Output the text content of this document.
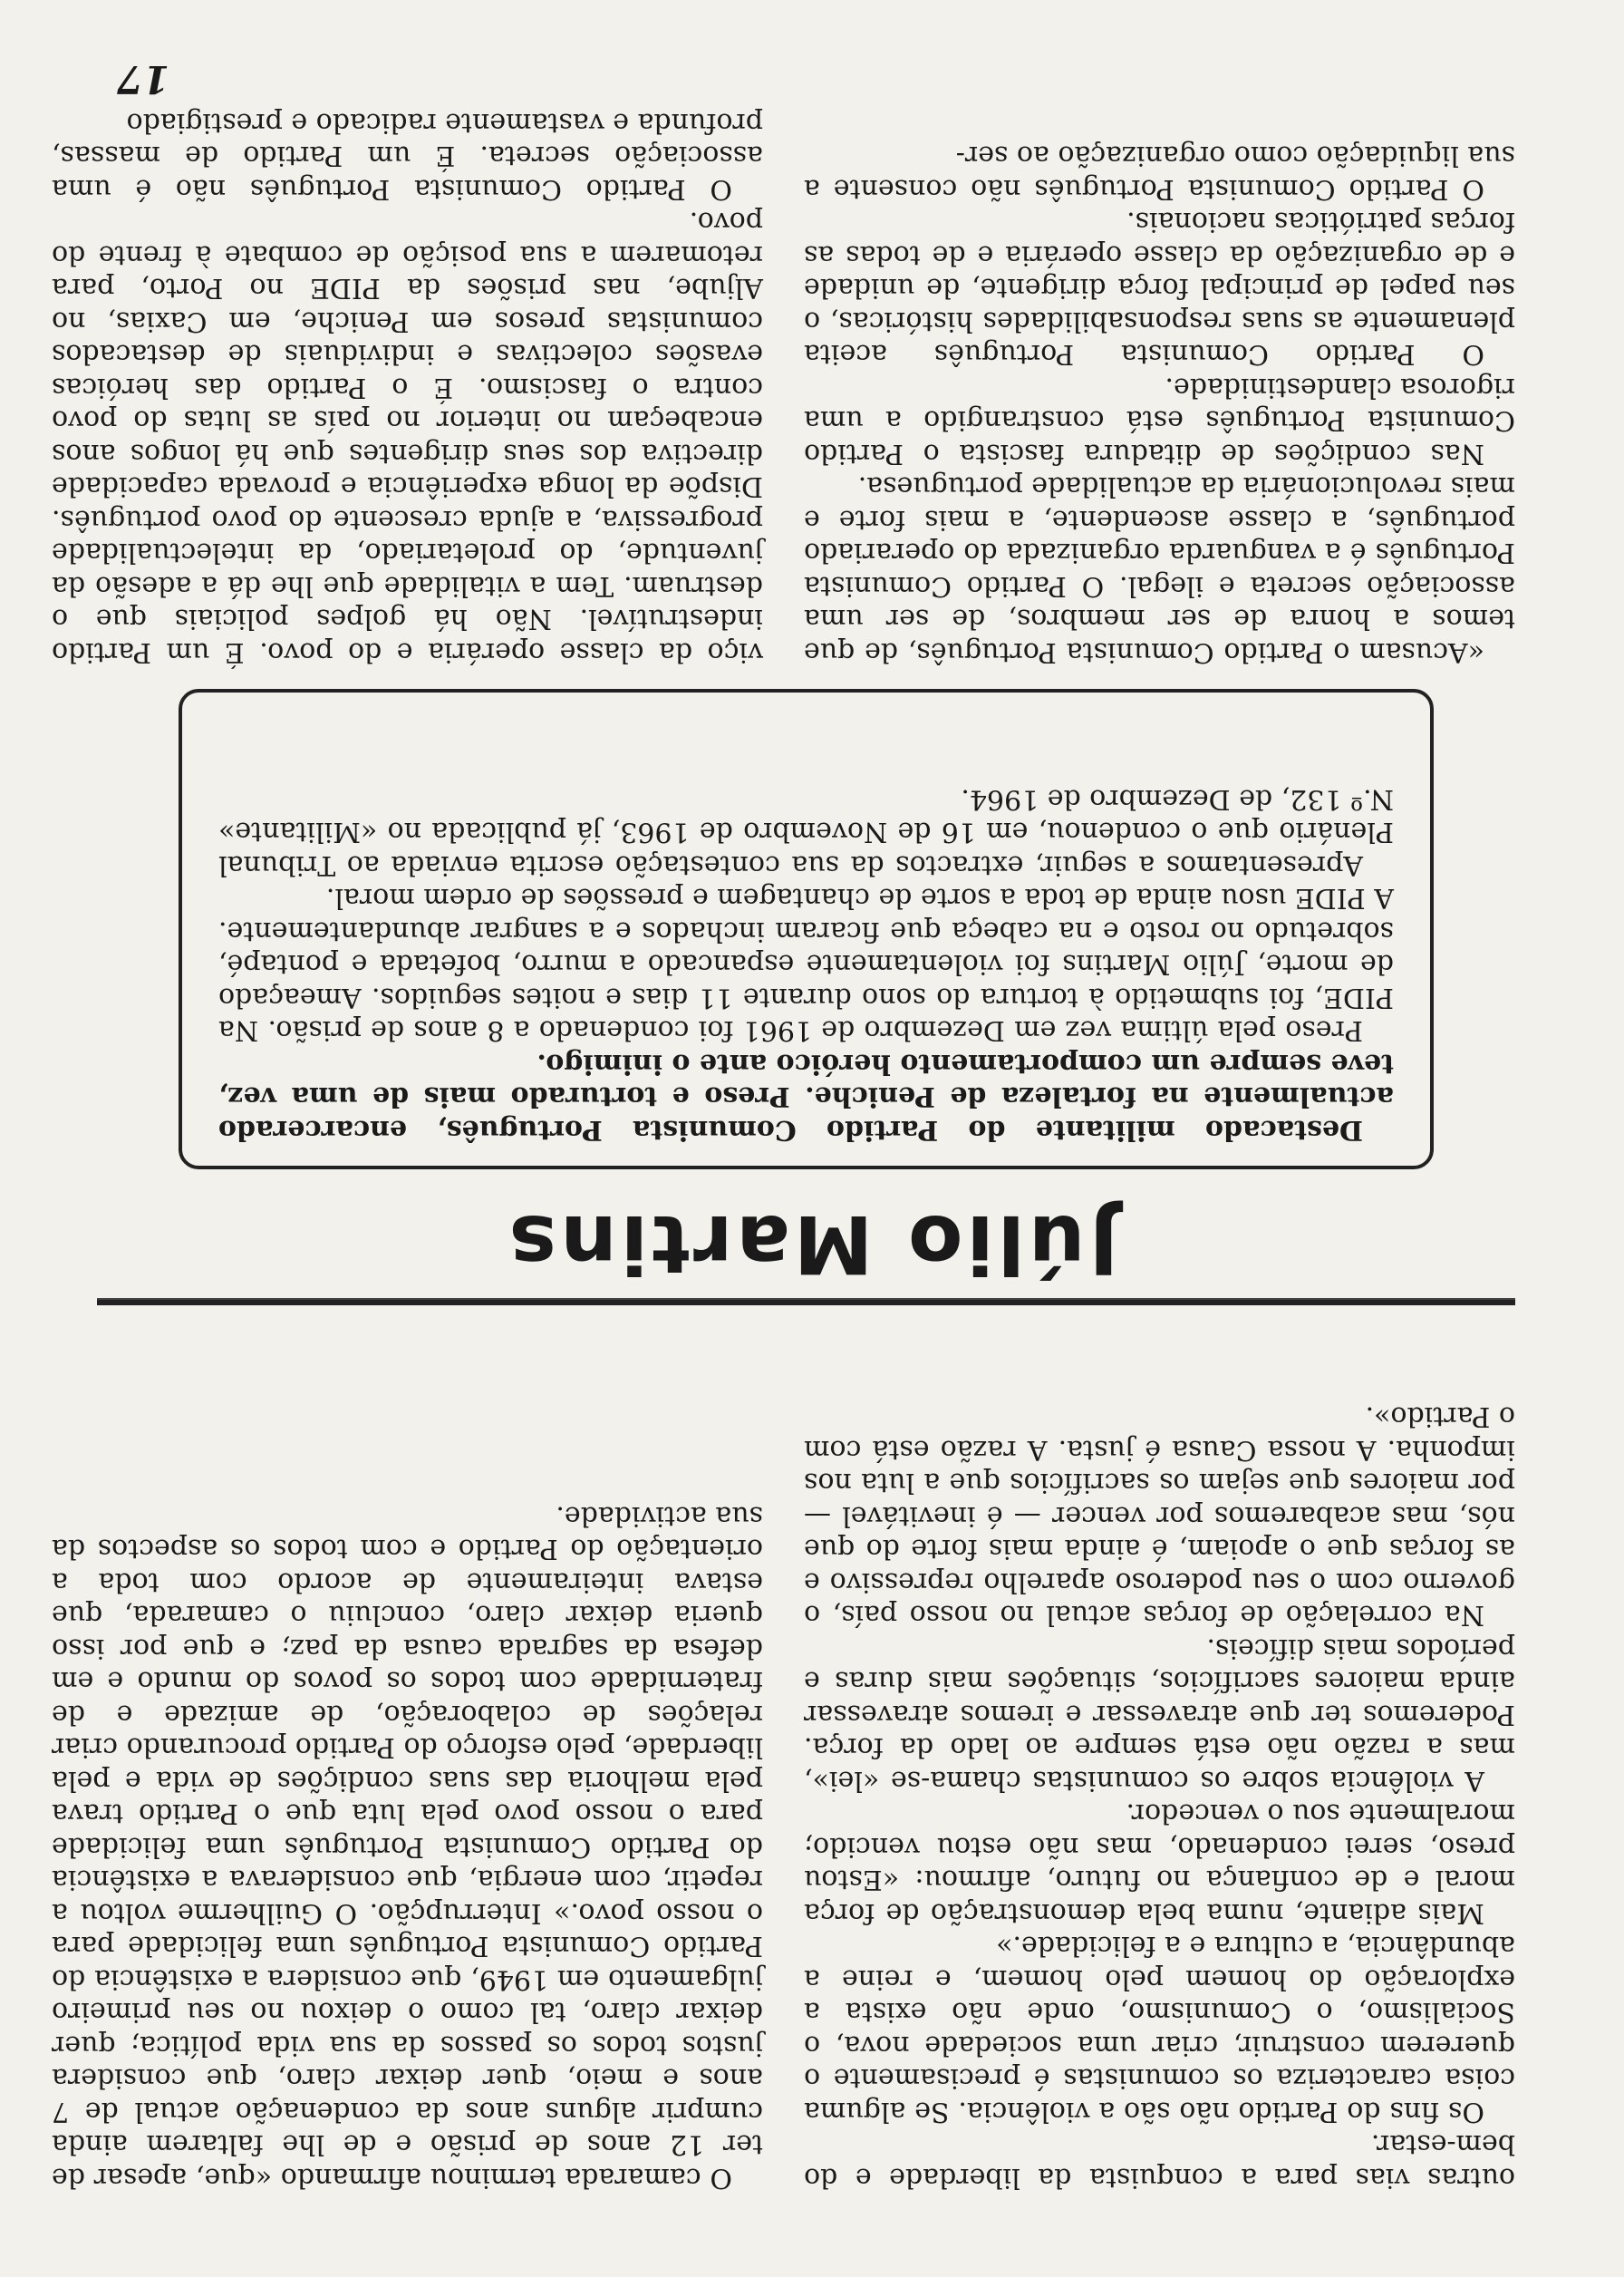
outras vias para a conquista da liberdade e do bem-estar.

Os fins do Partido não são a violência. Se alguma coisa caracteriza os comunistas é precisamente o quererem construir, criar uma sociedade nova, o Socialismo, o Comunismo, onde não exista a exploração do homem pelo homem, e reine a abundância, a cultura e a felicidade.»

Mais adiante, numa bela demonstração de força moral e de confiança no futuro, afirmou: «Estou preso, serei condenado, mas não estou vencido; moralmente sou o vencedor.

A violência sobre os comunistas chama-se «lei», mas a razão não está sempre ao lado da força. Poderemos ter que atravessar e iremos atravessar ainda maiores sacrifícios, situações mais duras e períodos mais difíceis.

Na correlação de forças actual no nosso país, o governo com o seu poderoso aparelho repressivo e as forças que o apoiam, é ainda mais forte do que nós, mas acabaremos por vencer — é inevitável — por maiores que sejam os sacrifícios que a luta nos imponha. A nossa Causa é justa. A razão está com o Partido».

O camarada terminou afirmando «que, apesar de ter 12 anos de prisão e de lhe faltarem ainda cumprir alguns anos da condenação actual de 7 anos e meio, quer deixar claro, que considera justos todos os passos da sua vida política; quer deixar claro, tal como o deixou no seu primeiro julgamento em 1949, que considera a existência do Partido Comunista Português uma felicidade para o nosso povo.» Interrupção. O Guilherme voltou a repetir, com energia, que considerava a existência do Partido Comunista Português uma felicidade para o nosso povo pela luta que o Partido trava pela melhoria das suas condições de vida e pela liberdade, pelo esforço do Partido procurando criar relações de colaboração, de amizade e de fraternidade com todos os povos do mundo e em defesa da sagrada causa da paz; e que por isso queria deixar claro, concluiu o camarada, que estava inteiramente de acordo com toda a orientação do Partido e com todos os aspectos da sua actividade.

Júlio Martins

Destacado militante do Partido Comunista Português, encarcerado actualmente na fortaleza de Peniche. Preso e torturado mais de uma vez, teve sempre um comportamento heróico ante o inimigo.

Preso pela última vez em Dezembro de 1961 foi condenado a 8 anos de prisão. Na PIDE, foi submetido à tortura do sono durante 11 dias e noites seguidos. Ameaçado de morte, Júlio Martins foi violentamente espancado a murro, bofetada e pontapé, sobretudo no rosto e na cabeça que ficaram inchados e a sangrar abundantemente. A PIDE usou ainda de toda a sorte de chantagem e pressões de ordem moral.

Apresentamos a seguir, extractos da sua contestação escrita enviada ao Tribunal Plenário que o condenou, em 16 de Novembro de 1963, já publicada no «Militante» N.º 132, de Dezembro de 1964.

«Acusam o Partido Comunista Português, de que temos a honra de ser membros, de ser uma associação secreta e ilegal. O Partido Comunista Português é a vanguarda organizada do operariado português, a classe ascendente, a mais forte e mais revolucionária da actualidade portuguesa.

Nas condições de ditadura fascista o Partido Comunista Português está constrangido a uma rigorosa clandestinidade.

O Partido Comunista Português aceita plenamente as suas responsabilidades históricas, o seu papel de principal força dirigente, de unidade e de organização da classe operária e de todas as forças patrióticas nacionais.

O Partido Comunista Português não consente a sua liquidação como organização ao ser-

viço da classe operária e do povo. É um Partido indestrutível. Não há golpes policiais que o destruam. Tem a vitalidade que lhe dá a adesão da juventude, do proletariado, da intelectualidade progressiva, a ajuda crescente do povo português. Dispõe da longa experiência e provada capacidade directiva dos seus dirigentes que há longos anos encabeçam no interior no país as lutas do povo contra o fascismo. É o Partido das heróicas evasões colectivas e individuais de destacados comunistas presos em Peniche, em Caxias, no Aljube, nas prisões da PIDE no Porto, para retomarem a sua posição de combate à frente do povo.

O Partido Comunista Português não é uma associação secreta. É um Partido de massas, profunda e vastamente radicado e prestigiado

17
